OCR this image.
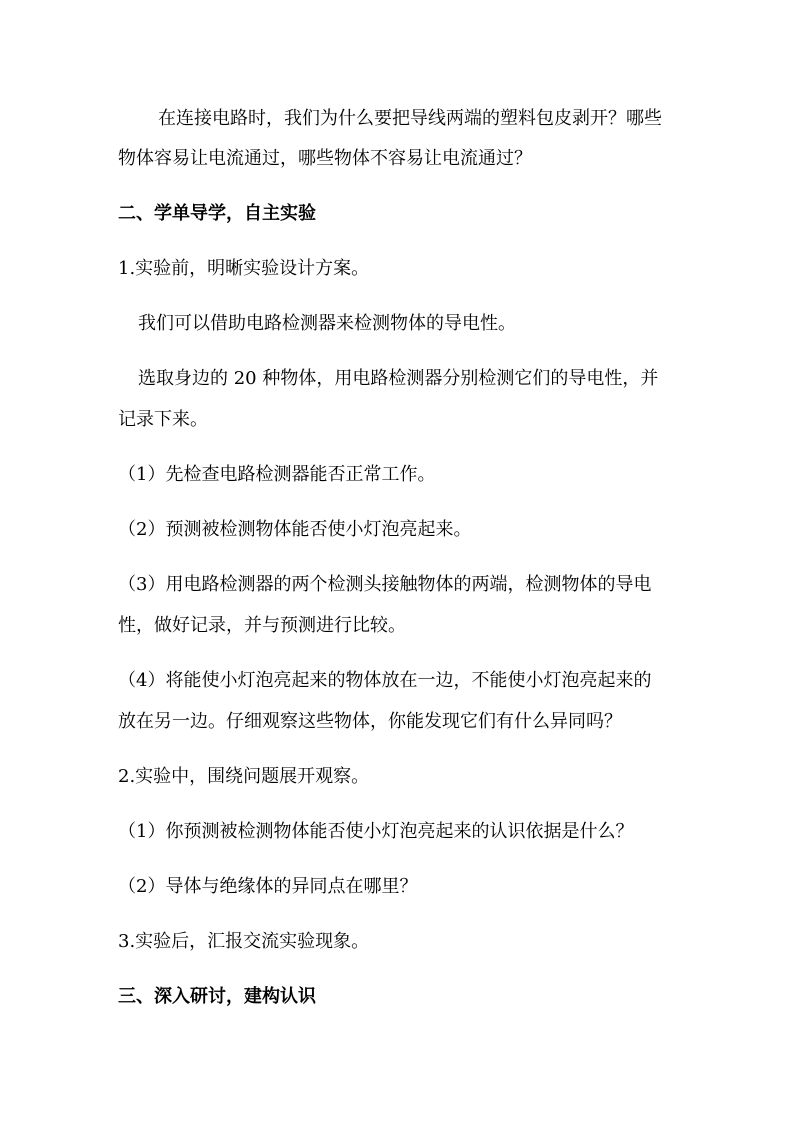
在连接电路时，我们为什么要把导线两端的塑料包皮剥开？哪些
物体容易让电流通过，哪些物体不容易让电流通过？
二、学单导学，自主实验
1.实验前，明晰实验设计方案。
我们可以借助电路检测器来检测物体的导电性。
选取身边的 20 种物体，用电路检测器分别检测它们的导电性，并
记录下来。
（1）先检查电路检测器能否正常工作。
（2）预测被检测物体能否使小灯泡亮起来。
（3）用电路检测器的两个检测头接触物体的两端，检测物体的导电
性，做好记录，并与预测进行比较。
（4）将能使小灯泡亮起来的物体放在一边，不能使小灯泡亮起来的
放在另一边。仔细观察这些物体，你能发现它们有什么异同吗？
2.实验中，围绕问题展开观察。
（1）你预测被检测物体能否使小灯泡亮起来的认识依据是什么？
（2）导体与绝缘体的异同点在哪里？
3.实验后，汇报交流实验现象。
三、深入研讨，建构认识
